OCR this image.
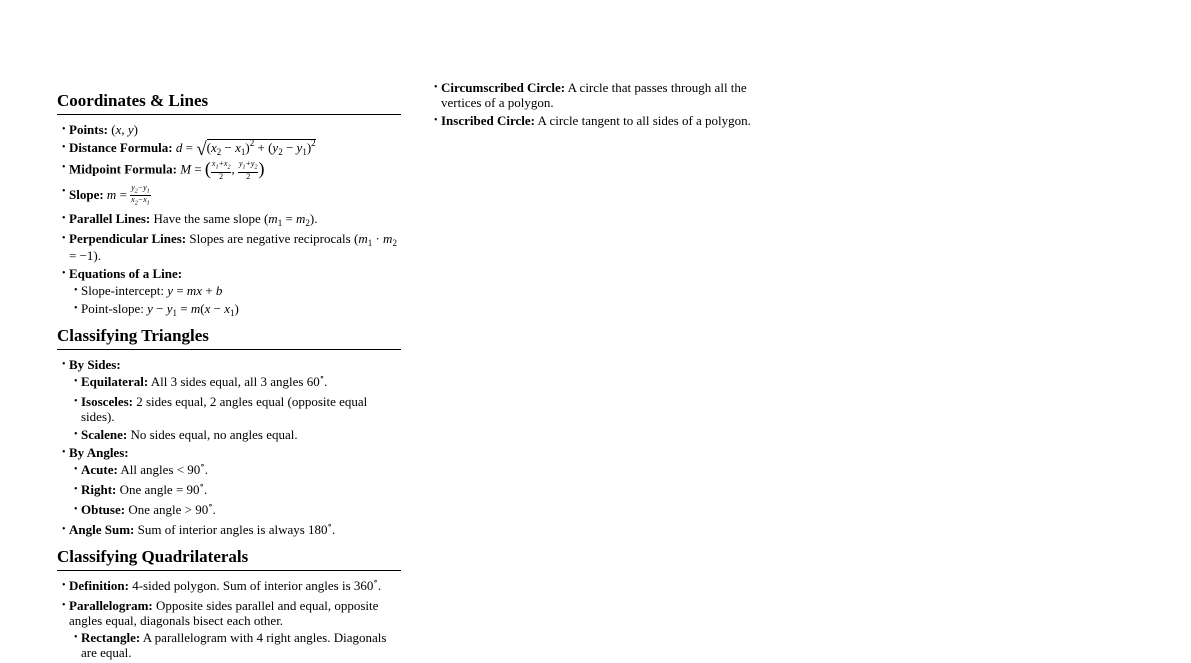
Coordinates & Lines
• Points: (x, y)
• Distance Formula: $d = √(x_2 - x_1)^2 + (y_2 - y_1)^2$
• Midpoint Formula: M = ( $\frac{x_1+x_2}{2}$ , $\frac{y_1+y_2}{2}$ )
• Slope: $m = \frac{y_2-y_1}{x_2-x_1}$
• Parallel Lines: Have the same slope $(m_1 = m_2)$.
• Perpendicular Lines: Slopes are negative reciprocals $(m_1 \cdot m_2 = -1)$.
• Equations of a Line:
• Slope-intercept: y = mx + b
• Point-slope: $y - y_1 = m(x - x_1)$
Classifying Triangles
• By Sides:
• Equilateral: All 3 sides equal, all 3 angles 60∘.
• Isosceles: 2 sides equal, 2 angles equal (opposite equal sides).
• Scalene: No sides equal, no angles equal.
• By Angles:
• Acute: All angles < 90∘.
• Right: One angle = 90∘.
• Obtuse: One angle > 90∘.
• Angle Sum: Sum of interior angles is always 180∘.
Classifying Quadrilaterals
• Definition: 4-sided polygon. Sum of interior angles is 360∘.
• Parallelogram: Opposite sides parallel and equal, opposite angles equal, diagonals bisect each other.
• Rectangle: A parallelogram with 4 right angles. Diagonals are equal.
• Circumscribed Circle: A circle that passes through all the vertices of a polygon.
• Inscribed Circle: A circle tangent to all sides of a polygon.
